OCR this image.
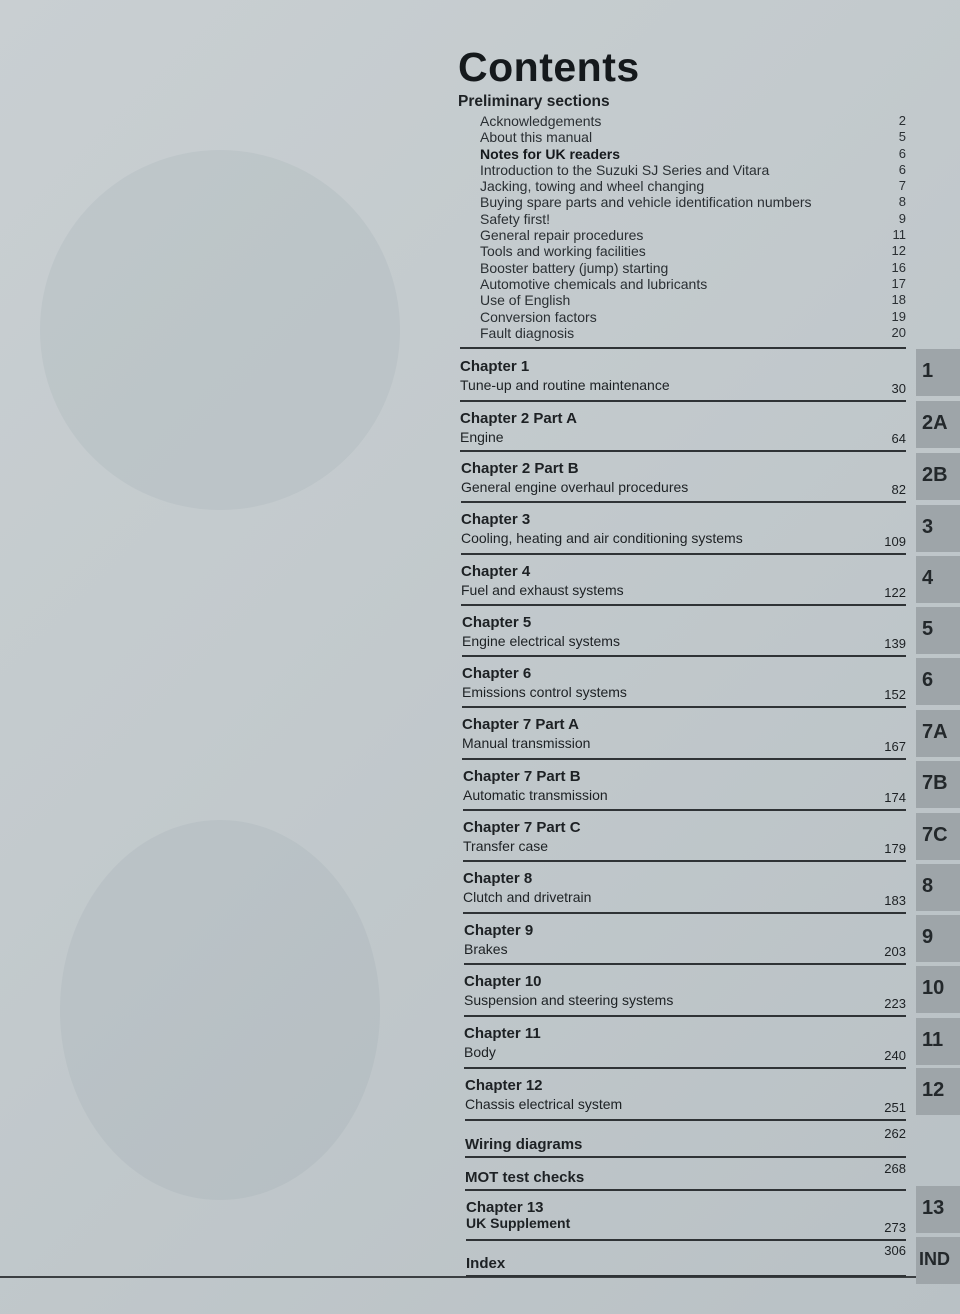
Contents
Preliminary sections
Acknowledgements	2
About this manual	5
Notes for UK readers	6
Introduction to the Suzuki SJ Series and Vitara	6
Jacking, towing and wheel changing	7
Buying spare parts and vehicle identification numbers	8
Safety first!	9
General repair procedures	11
Tools and working facilities	12
Booster battery (jump) starting	16
Automotive chemicals and lubricants	17
Use of English	18
Conversion factors	19
Fault diagnosis	20
Chapter 1
Tune-up and routine maintenance	30
1
Chapter 2 Part A
Engine	64
2A
Chapter 2 Part B
General engine overhaul procedures	82
2B
Chapter 3
Cooling, heating and air conditioning systems	109
3
Chapter 4
Fuel and exhaust systems	122
4
Chapter 5
Engine electrical systems	139
5
Chapter 6
Emissions control systems	152
6
Chapter 7 Part A
Manual transmission	167
7A
Chapter 7 Part B
Automatic transmission	174
7B
Chapter 7 Part C
Transfer case	179
7C
Chapter 8
Clutch and drivetrain	183
8
Chapter 9
Brakes	203
9
Chapter 10
Suspension and steering systems	223
10
Chapter 11
Body	240
11
Chapter 12
Chassis electrical system	251
12
Wiring diagrams
262
MOT test checks
268
Chapter 13
UK Supplement	273
13
Index
306 IND
